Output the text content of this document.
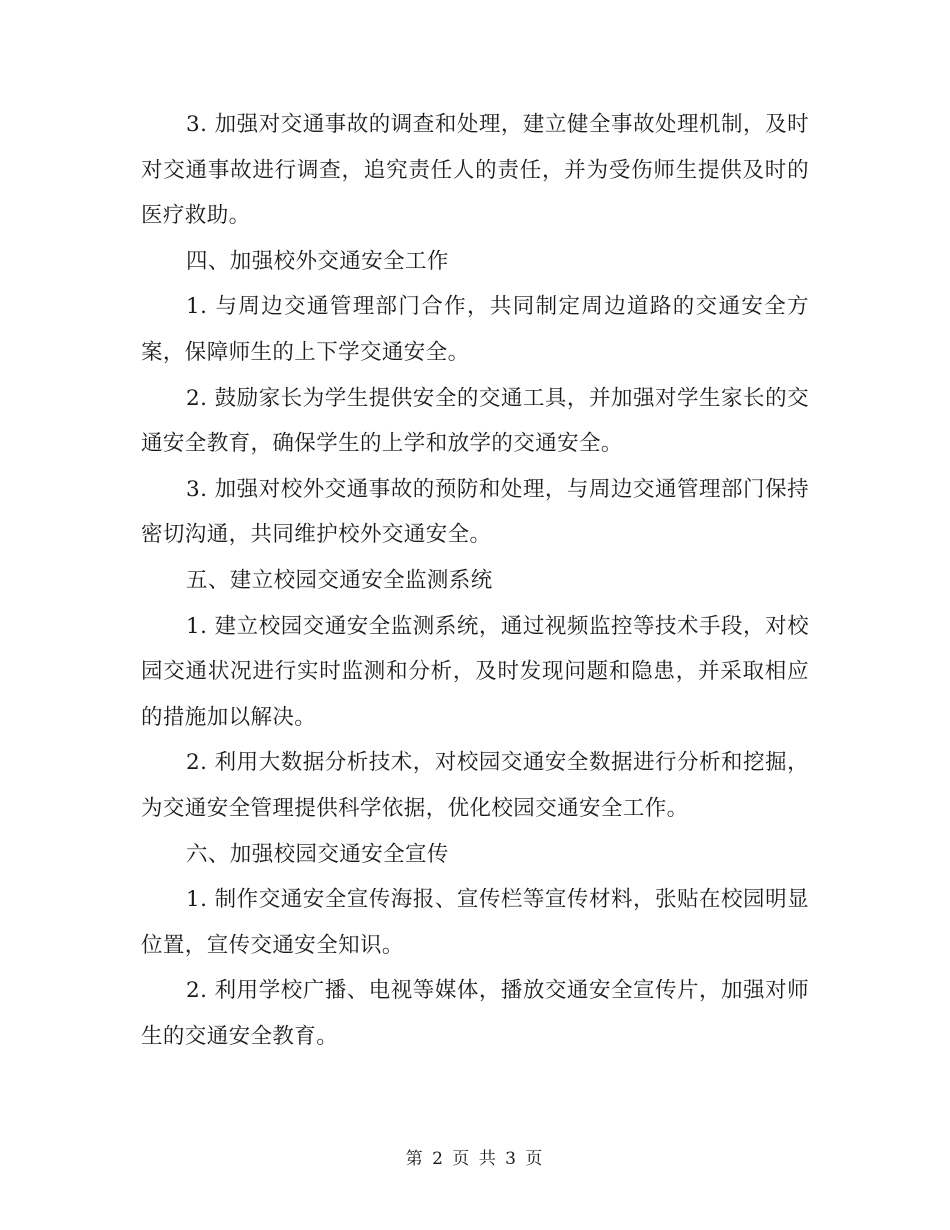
3. 加强对交通事故的调查和处理，建立健全事故处理机制，及时对交通事故进行调查，追究责任人的责任，并为受伤师生提供及时的医疗救助。

四、加强校外交通安全工作

1. 与周边交通管理部门合作，共同制定周边道路的交通安全方案，保障师生的上下学交通安全。

2. 鼓励家长为学生提供安全的交通工具，并加强对学生家长的交通安全教育，确保学生的上学和放学的交通安全。

3. 加强对校外交通事故的预防和处理，与周边交通管理部门保持密切沟通，共同维护校外交通安全。

五、建立校园交通安全监测系统

1. 建立校园交通安全监测系统，通过视频监控等技术手段，对校园交通状况进行实时监测和分析，及时发现问题和隐患，并采取相应的措施加以解决。

2. 利用大数据分析技术，对校园交通安全数据进行分析和挖掘，为交通安全管理提供科学依据，优化校园交通安全工作。

六、加强校园交通安全宣传

1. 制作交通安全宣传海报、宣传栏等宣传材料，张贴在校园明显位置，宣传交通安全知识。

2. 利用学校广播、电视等媒体，播放交通安全宣传片，加强对师生的交通安全教育。

第 2 页 共 3 页
